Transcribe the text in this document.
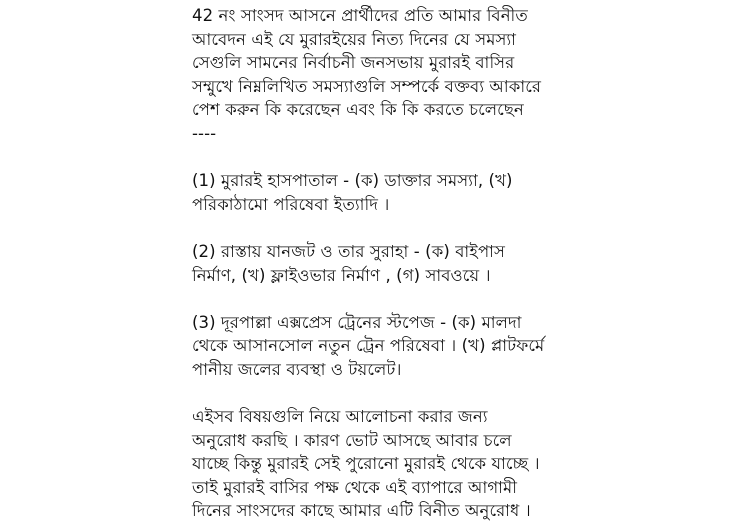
42 নং সাংসদ আসনে প্রার্থীদের প্রতি আমার বিনীত
আবেদন এই যে মুরারইয়ের নিত্য দিনের যে সমস্যা
সেগুলি সামনের নির্বাচনী জনসভায় মুরারই বাসির
সম্মুখে নিম্নলিখিত সমস্যাগুলি সম্পর্কে বক্তব্য আকারে
পেশ করুন কি করেছেন এবং কি কি করতে চলেছেন
----
(1) মুরারই হাসপাতাল - (ক) ডাক্তার সমস্যা, (খ)
পরিকাঠামো পরিষেবা ইত্যাদি ।
(2) রাস্তায় যানজট ও তার সুরাহা - (ক) বাইপাস
নির্মাণ, (খ) ফ্লাইওভার নির্মাণ , (গ) সাবওয়ে ।
(3) দূরপাল্লা এক্সপ্রেস ট্রেনের স্টপেজ - (ক) মালদা
থেকে আসানসোল নতুন ট্রেন পরিষেবা । (খ) প্লাটফর্মে
পানীয় জলের ব্যবস্থা ও টয়লেট।
এইসব বিষয়গুলি নিয়ে আলোচনা করার জন্য
অনুরোধ করছি । কারণ ভোট আসছে আবার চলে
যাচ্ছে কিন্তু মুরারই সেই পুরোনো মুরারই থেকে যাচ্ছে ।
তাই মুরারই বাসির পক্ষ থেকে এই ব্যাপারে আগামী
দিনের সাংসদের কাছে আমার এটি বিনীত অনুরোধ ।
